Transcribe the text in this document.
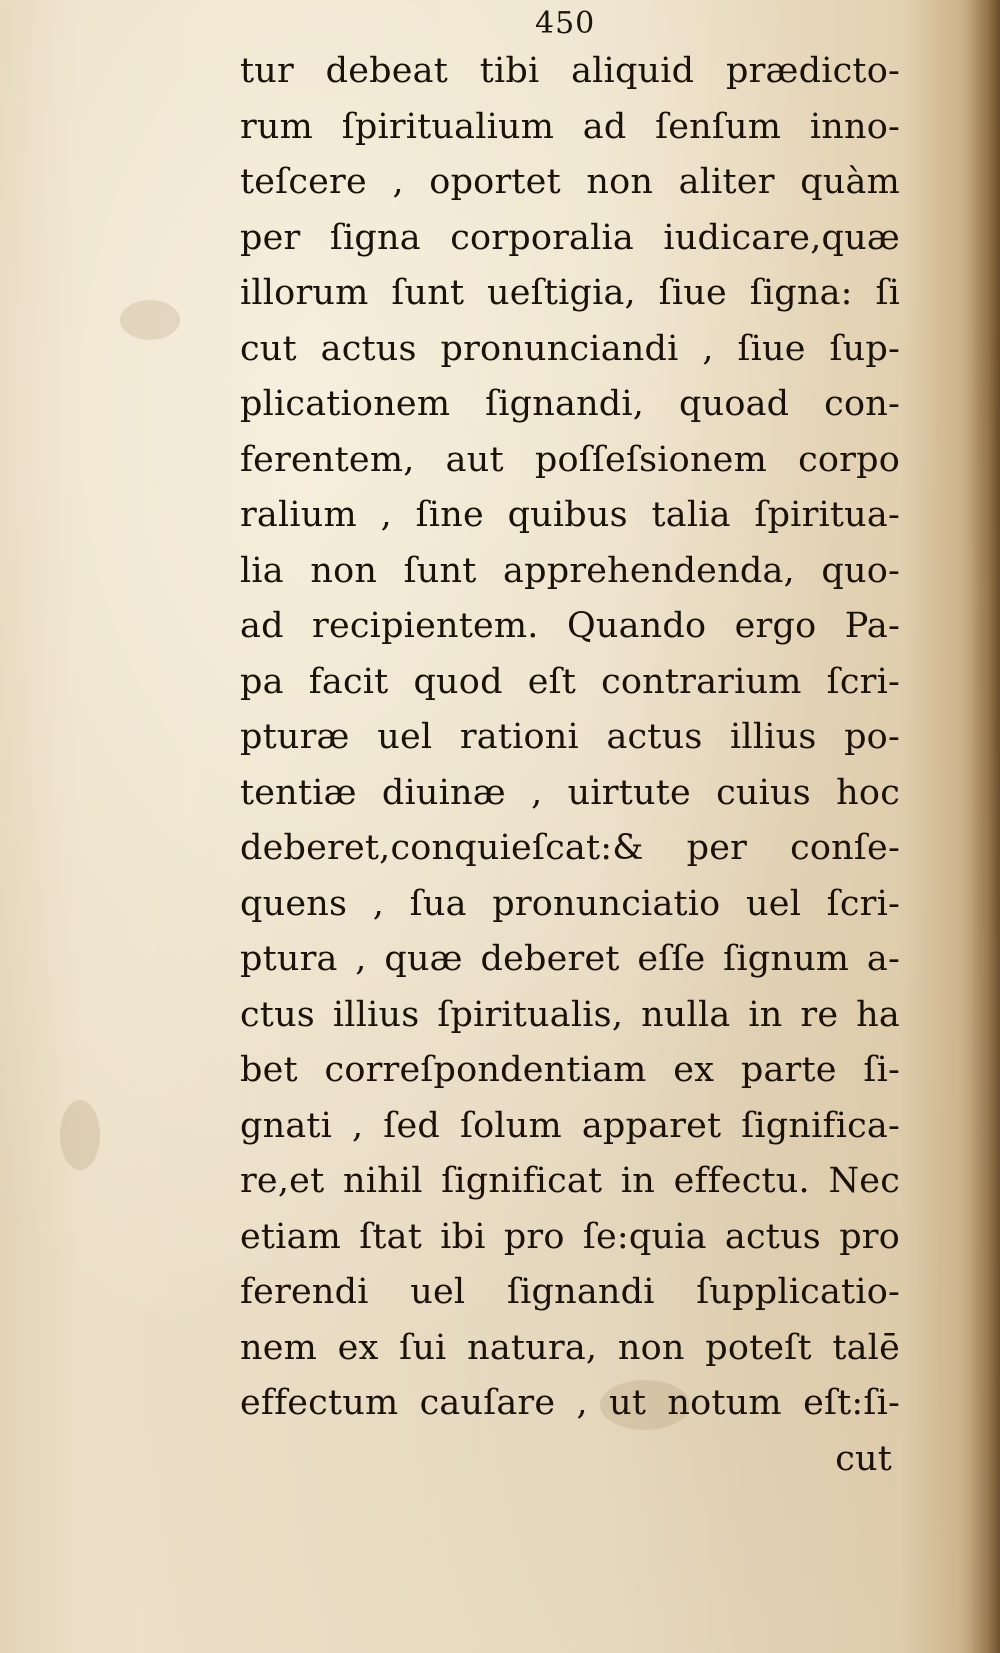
450
tur debeat tibi aliquid prædicto-
rum ſpiritualium ad ſenſum inno-
teſcere , oportet non aliter quàm
per ſigna corporalia iudicare,quæ
illorum ſunt ueſtigia, ſiue ſigna: ſi
cut actus pronunciandi , ſiue ſup-
plicationem ſignandi, quoad con-
ferentem, aut poſſeſsionem corpo
ralium , ſine quibus talia ſpiritua-
lia non ſunt apprehendenda, quo-
ad recipientem. Quando ergo Pa-
pa facit quod eſt contrarium ſcri-
pturæ uel rationi actus illius po-
tentiæ diuinæ , uirtute cuius hoc
deberet,conquieſcat:& per conſe-
quens , ſua pronunciatio uel ſcri-
ptura , quæ deberet eſſe ſignum a-
ctus illius ſpiritualis, nulla in re ha
bet correſpondentiam ex parte ſi-
gnati , ſed ſolum apparet ſignifica-
re,et nihil ſignificat in effectu. Nec
etiam ſtat ibi pro ſe:quia actus pro
ferendi uel ſignandi ſupplicatio-
nem ex ſui natura, non poteſt talē
effectum cauſare , ut notum eſt:ſi-
cut
